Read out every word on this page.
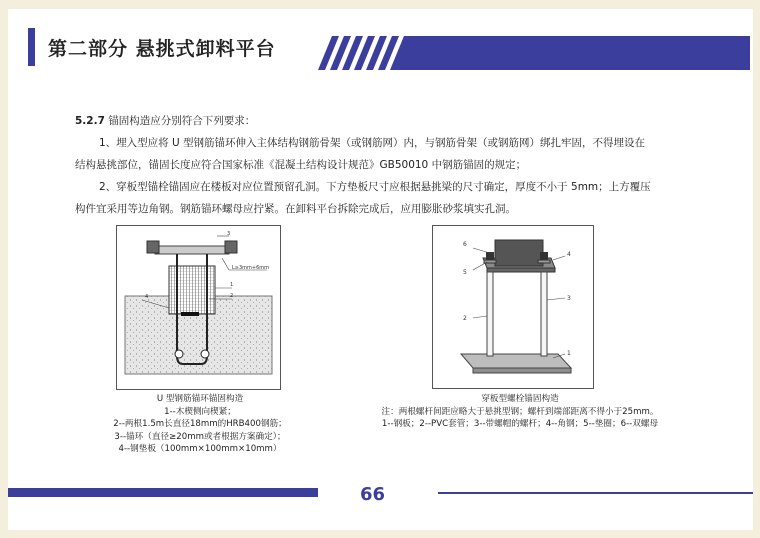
第二部分 悬挑式卸料平台
5.2.7 锚固构造应分别符合下列要求：
1、埋入型应将 U 型钢筋锚环伸入主体结构钢筋骨架（或钢筋网）内，与钢筋骨架（或钢筋网）绑扎牢固，不得埋设在
结构悬挑部位，锚固长度应符合国家标准《混凝土结构设计规范》GB50010 中钢筋锚固的规定；
2、穿板型锚栓锚固应在楼板对应位置预留孔洞。下方垫板尺寸应根据悬挑梁的尺寸确定，厚度不小于 5mm；上方覆压
构件宜采用等边角钢。钢筋锚环螺母应拧紧。在卸料平台拆除完成后，应用膨胀砂浆填实孔洞。
L≥3mm+6mm
3
4
1
2
6
5
4
3
2
1
U 型钢筋锚环锚固构造
1--木楔侧向楔紧；
2--两根1.5m长直径18mm的HRB400钢筋；
3--锚环（直径≥20mm或者根据方案确定）；
4--钢垫板（100mm×100mm×10mm）
穿板型螺栓锚固构造
注：两根螺杆间距应略大于悬挑型钢；螺杆到端部距离不得小于25mm。
1--钢板；2--PVC套管；3--带螺帽的螺杆；4--角钢；5--垫圈；6--双螺母
66
